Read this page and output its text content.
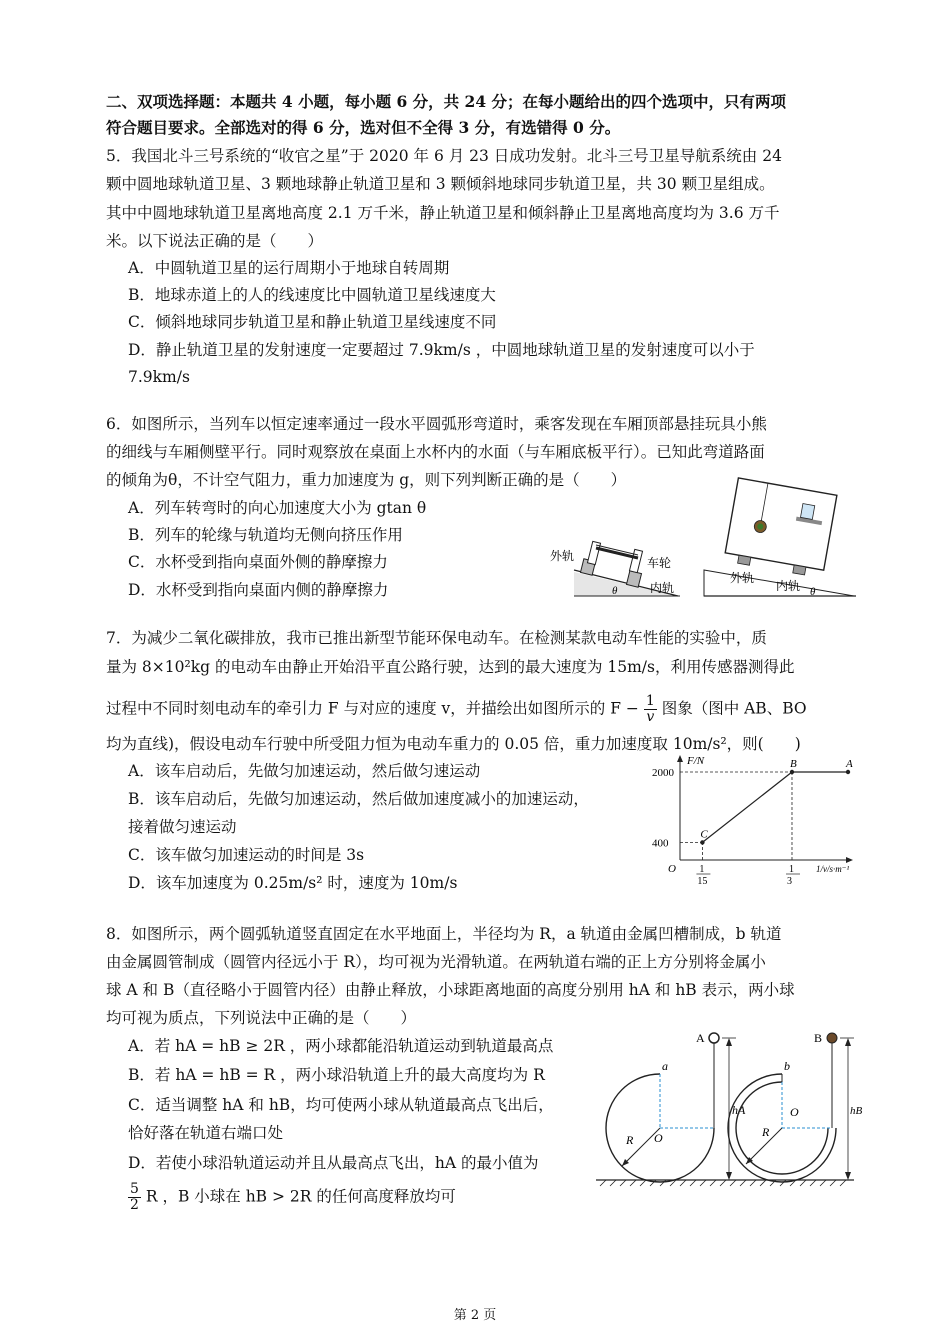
二、双项选择题：本题共 4 小题，每小题 6 分，共 24 分；在每小题给出的四个选项中，只有两项
符合题目要求。全部选对的得 6 分，选对但不全得 3 分，有选错得 0 分。
5．我国北斗三号系统的“收官之星”于 2020 年 6 月 23 日成功发射。北斗三号卫星导航系统由 24
颗中圆地球轨道卫星、3 颗地球静止轨道卫星和 3 颗倾斜地球同步轨道卫星，共 30 颗卫星组成。
其中中圆地球轨道卫星离地高度 2.1 万千米，静止轨道卫星和倾斜静止卫星离地高度均为 3.6 万千
米。以下说法正确的是（　　）
A．中圆轨道卫星的运行周期小于地球自转周期
B．地球赤道上的人的线速度比中圆轨道卫星线速度大
C．倾斜地球同步轨道卫星和静止轨道卫星线速度不同
D．静止轨道卫星的发射速度一定要超过 7.9km/s ，中圆地球轨道卫星的发射速度可以小于
7.9km/s
6．如图所示，当列车以恒定速率通过一段水平圆弧形弯道时，乘客发现在车厢顶部悬挂玩具小熊
的细线与车厢侧壁平行。同时观察放在桌面上水杯内的水面（与车厢底板平行）。已知此弯道路面
的倾角为θ，不计空气阻力，重力加速度为 g，则下列判断正确的是（　　）
A．列车转弯时的向心加速度大小为 gtan θ
B．列车的轮缘与轨道均无侧向挤压作用
C．水杯受到指向桌面外侧的静摩擦力
D．水杯受到指向桌面内侧的静摩擦力
外轨	车轮
内轨
θ
外轨
内轨 θ
7．为减少二氧化碳排放，我市已推出新型节能环保电动车。在检测某款电动车性能的实验中，质
量为 8×10²kg 的电动车由静止开始沿平直公路行驶，达到的最大速度为 15m/s，利用传感器测得此
过程中不同时刻电动车的牵引力 F 与对应的速度 v，并描绘出如图所示的 $F - \frac{1}{v}$ 图象（图中 AB、BO
均为直线)，假设电动车行驶中所受阻力恒为电动车重力的 0.05 倍，重力加速度取 10m/s²，则(　　)
A．该车启动后，先做匀加速运动，然后做匀速运动
B．该车启动后，先做匀加速运动，然后做加速度减小的加速运动，
接着做匀速运动
C．该车做匀加速运动的时间是 3s
D．该车加速度为 0.25m/s² 时，速度为 10m/s
F/N
1/v/s·m⁻¹
O
C
B	A
400
2000
1
15
1
3
8．如图所示，两个圆弧轨道竖直固定在水平地面上，半径均为 R，a 轨道由金属凹槽制成，b 轨道
由金属圆管制成（圆管内径远小于 R），均可视为光滑轨道。在两轨道右端的正上方分别将金属小
球 A 和 B（直径略小于圆管内径）由静止释放，小球距离地面的高度分别用 hA 和 hB 表示，两小球
均可视为质点，下列说法中正确的是（　　）
A．若 hA = hB ≥ 2R ，两小球都能沿轨道运动到轨道最高点
B．若 hA = hB = R ，两小球沿轨道上升的最大高度均为 R
C．适当调整 hA 和 hB，均可使两小球从轨道最高点飞出后，
恰好落在轨道右端口处
D．若使小球沿轨道运动并且从最高点飞出，hA 的最小值为
$\frac{5}{2}$ R ，B 小球在 hB > 2R 的任何高度释放均可
a
O
R
A
hA
b
O
R
B
hB
第 2 页
